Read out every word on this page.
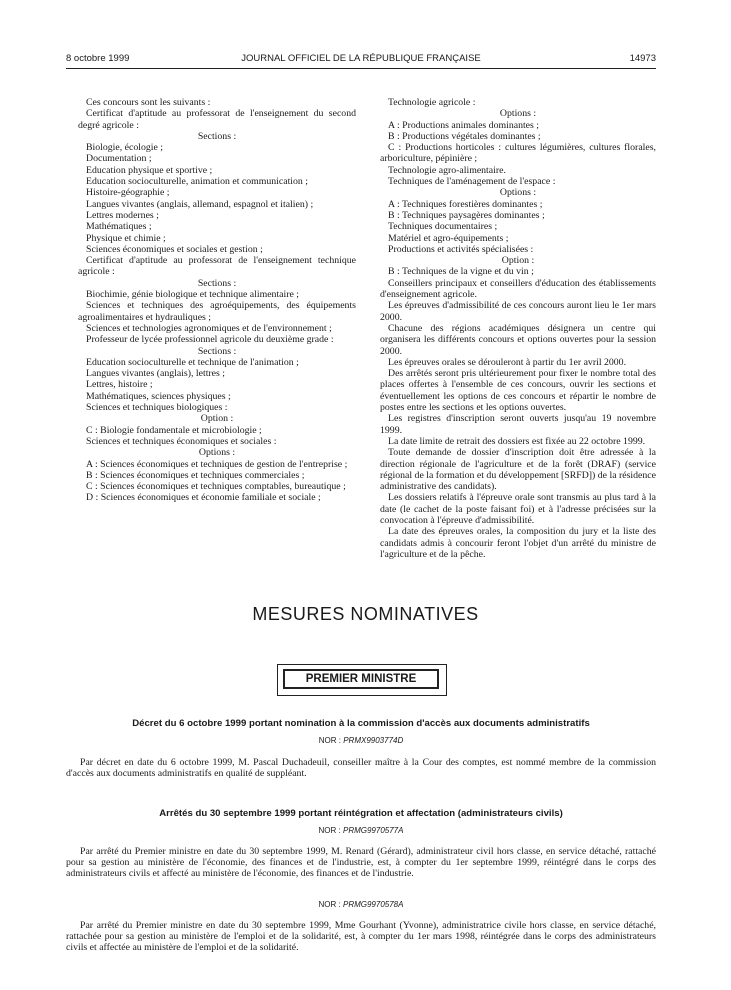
8 octobre 1999	JOURNAL OFFICIEL DE LA RÉPUBLIQUE FRANÇAISE	14973

Ces concours sont les suivants :

Certificat d'aptitude au professorat de l'enseignement du second degré agricole :

Sections :

Biologie, écologie ;

Documentation ;

Education physique et sportive ;

Education socioculturelle, animation et communication ;

Histoire-géographie ;

Langues vivantes (anglais, allemand, espagnol et italien) ;

Lettres modernes ;

Mathématiques ;

Physique et chimie ;

Sciences économiques et sociales et gestion ;

Certificat d'aptitude au professorat de l'enseignement technique agricole :

Sections :

Biochimie, génie biologique et technique alimentaire ;

Sciences et techniques des agroéquipements, des équipements agroalimentaires et hydrauliques ;

Sciences et technologies agronomiques et de l'environnement ;

Professeur de lycée professionnel agricole du deuxième grade :

Sections :

Education socioculturelle et technique de l'animation ;

Langues vivantes (anglais), lettres ;

Lettres, histoire ;

Mathématiques, sciences physiques ;

Sciences et techniques biologiques :

Option :

C : Biologie fondamentale et microbiologie ;

Sciences et techniques économiques et sociales :

Options :

A : Sciences économiques et techniques de gestion de l'entreprise ;

B : Sciences économiques et techniques commerciales ;

C : Sciences économiques et techniques comptables, bureautique ;

D : Sciences économiques et économie familiale et sociale ;

Technologie agricole :

Options :

A : Productions animales dominantes ;

B : Productions végétales dominantes ;

C : Productions horticoles : cultures légumières, cultures florales, arboriculture, pépinière ;

Technologie agro-alimentaire.

Techniques de l'aménagement de l'espace :

Options :

A : Techniques forestières dominantes ;

B : Techniques paysagères dominantes ;

Techniques documentaires ;

Matériel et agro-équipements ;

Productions et activités spécialisées :

Option :

B : Techniques de la vigne et du vin ;

Conseillers principaux et conseillers d'éducation des établissements d'enseignement agricole.

Les épreuves d'admissibilité de ces concours auront lieu le 1er mars 2000.

Chacune des régions académiques désignera un centre qui organisera les différents concours et options ouvertes pour la session 2000.

Les épreuves orales se dérouleront à partir du 1er avril 2000.

Des arrêtés seront pris ultérieurement pour fixer le nombre total des places offertes à l'ensemble de ces concours, ouvrir les sections et éventuellement les options de ces concours et répartir le nombre de postes entre les sections et les options ouvertes.

Les registres d'inscription seront ouverts jusqu'au 19 novembre 1999.

La date limite de retrait des dossiers est fixée au 22 octobre 1999.

Toute demande de dossier d'inscription doit être adressée à la direction régionale de l'agriculture et de la forêt (DRAF) (service régional de la formation et du développement [SRFD]) de la résidence administrative des candidats).

Les dossiers relatifs à l'épreuve orale sont transmis au plus tard à la date (le cachet de la poste faisant foi) et à l'adresse précisées sur la convocation à l'épreuve d'admissibilité.

La date des épreuves orales, la composition du jury et la liste des candidats admis à concourir feront l'objet d'un arrêté du ministre de l'agriculture et de la pêche.

MESURES NOMINATIVES
PREMIER MINISTRE
Décret du 6 octobre 1999 portant nomination à la commission d'accès aux documents administratifs
NOR : PRMX9903774D
Par décret en date du 6 octobre 1999, M. Pascal Duchadeuil, conseiller maître à la Cour des comptes, est nommé membre de la commission d'accès aux documents administratifs en qualité de suppléant.
Arrêtés du 30 septembre 1999 portant réintégration et affectation (administrateurs civils)
NOR : PRMG9970577A
Par arrêté du Premier ministre en date du 30 septembre 1999, M. Renard (Gérard), administrateur civil hors classe, en service détaché, rattaché pour sa gestion au ministère de l'économie, des finances et de l'industrie, est, à compter du 1er septembre 1999, réintégré dans le corps des administrateurs civils et affecté au ministère de l'économie, des finances et de l'industrie.
NOR : PRMG9970578A
Par arrêté du Premier ministre en date du 30 septembre 1999, Mme Gourhant (Yvonne), administratrice civile hors classe, en service détaché, rattachée pour sa gestion au ministère de l'emploi et de la solidarité, est, à compter du 1er mars 1998, réintégrée dans le corps des administrateurs civils et affectée au ministère de l'emploi et de la solidarité.
